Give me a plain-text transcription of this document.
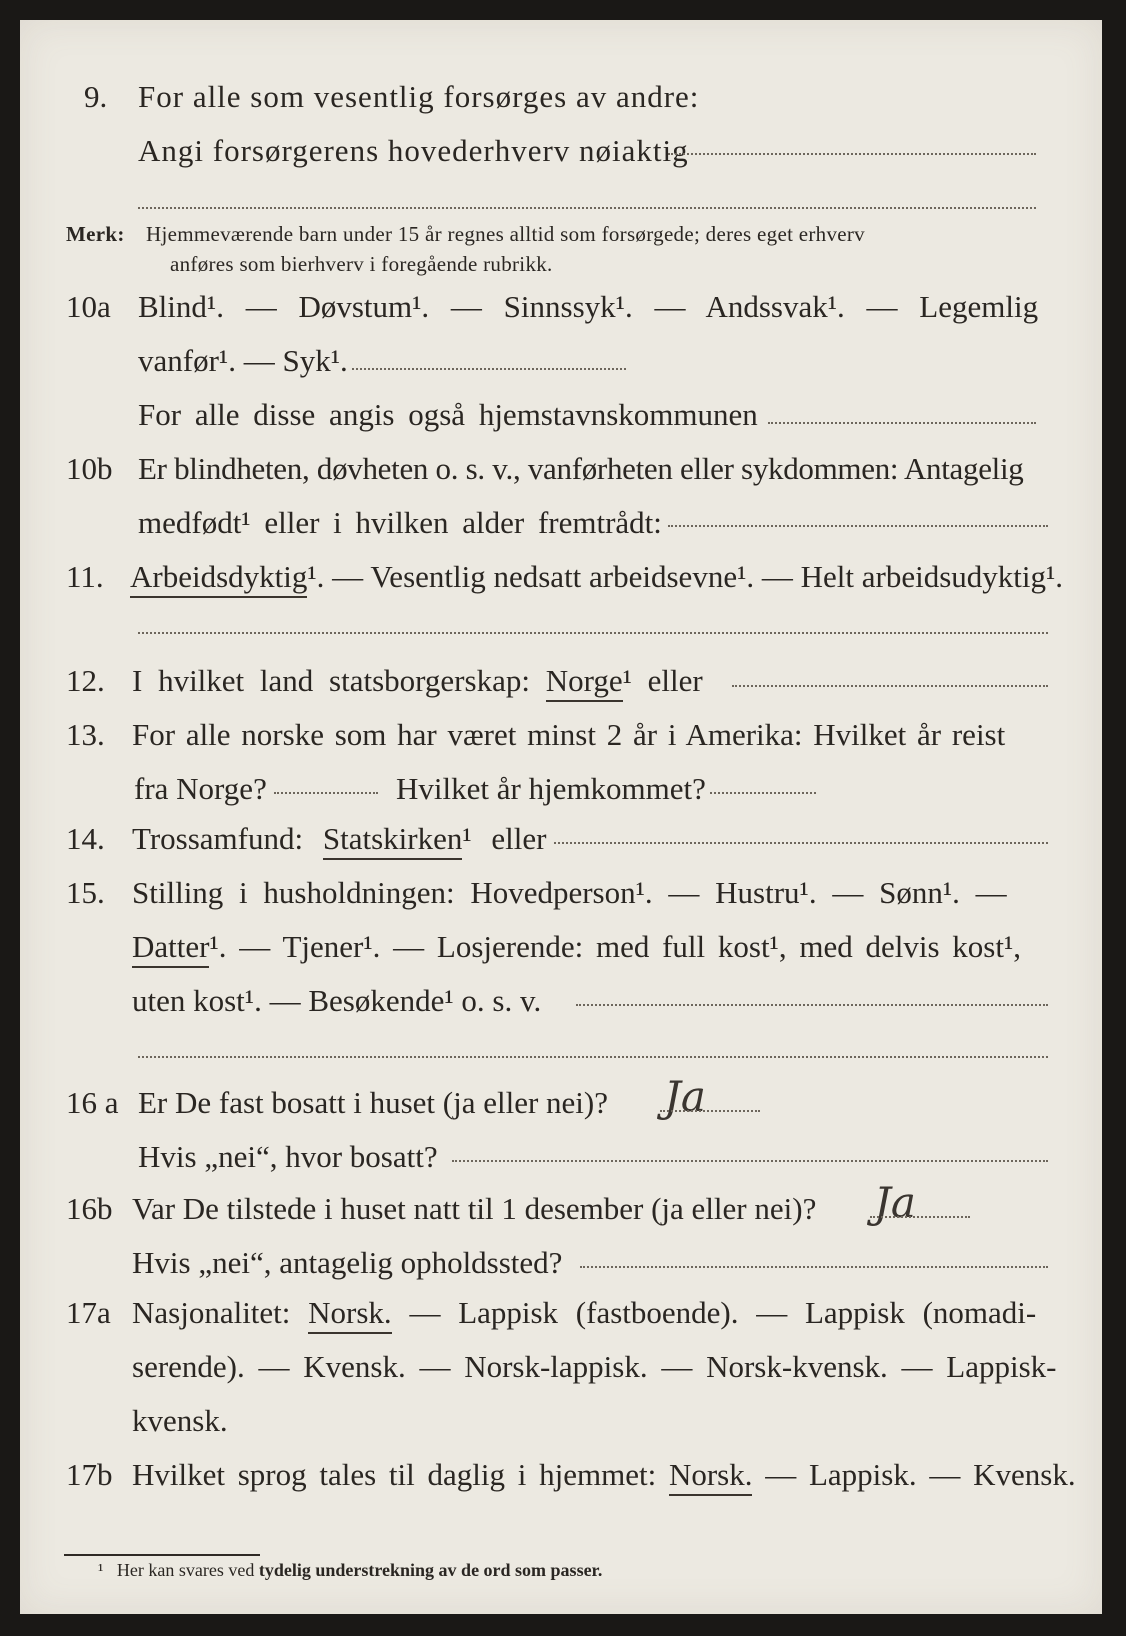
9. For alle som vesentlig forsørges av andre:
Angi forsørgerens hovederhverv nøiaktig
Merk: Hjemmeværende barn under 15 år regnes alltid som forsørgede; deres eget erhverv
anføres som bierhverv i foregående rubrikk.
10a Blind¹. — Døvstum¹. — Sinnssyk¹. — Andssvak¹. — Legemlig
vanfør¹. — Syk¹.
For alle disse angis også hjemstavnskommunen
10b Er blindheten, døvheten o. s. v., vanførheten eller sykdommen: Antagelig
medfødt¹ eller i hvilken alder fremtrådt:
11. Arbeidsdyktig¹. — Vesentlig nedsatt arbeidsevne¹. — Helt arbeidsudyktig¹.
12. I hvilket land statsborgerskap: Norge¹ eller
13. For alle norske som har været minst 2 år i Amerika: Hvilket år reist
fra Norge?	Hvilket år hjemkommet?
14. Trossamfund: Statskirken¹ eller
15. Stilling i husholdningen: Hovedperson¹. — Hustru¹. — Sønn¹. —
Datter¹. — Tjener¹. — Losjerende: med full kost¹, med delvis kost¹,
uten kost¹. — Besøkende¹ o. s. v.
16 a Er De fast bosatt i huset (ja eller nei)? Ja
Hvis „nei“, hvor bosatt?
16b Var De tilstede i huset natt til 1 desember (ja eller nei)? Ja
Hvis „nei“, antagelig opholdssted?
17a Nasjonalitet: Norsk. — Lappisk (fastboende). — Lappisk (nomadi-
serende). — Kvensk. — Norsk-lappisk. — Norsk-kvensk. — Lappisk-
kvensk.
17b Hvilket sprog tales til daglig i hjemmet: Norsk. — Lappisk. — Kvensk.
¹ Her kan svares ved tydelig understrekning av de ord som passer.
